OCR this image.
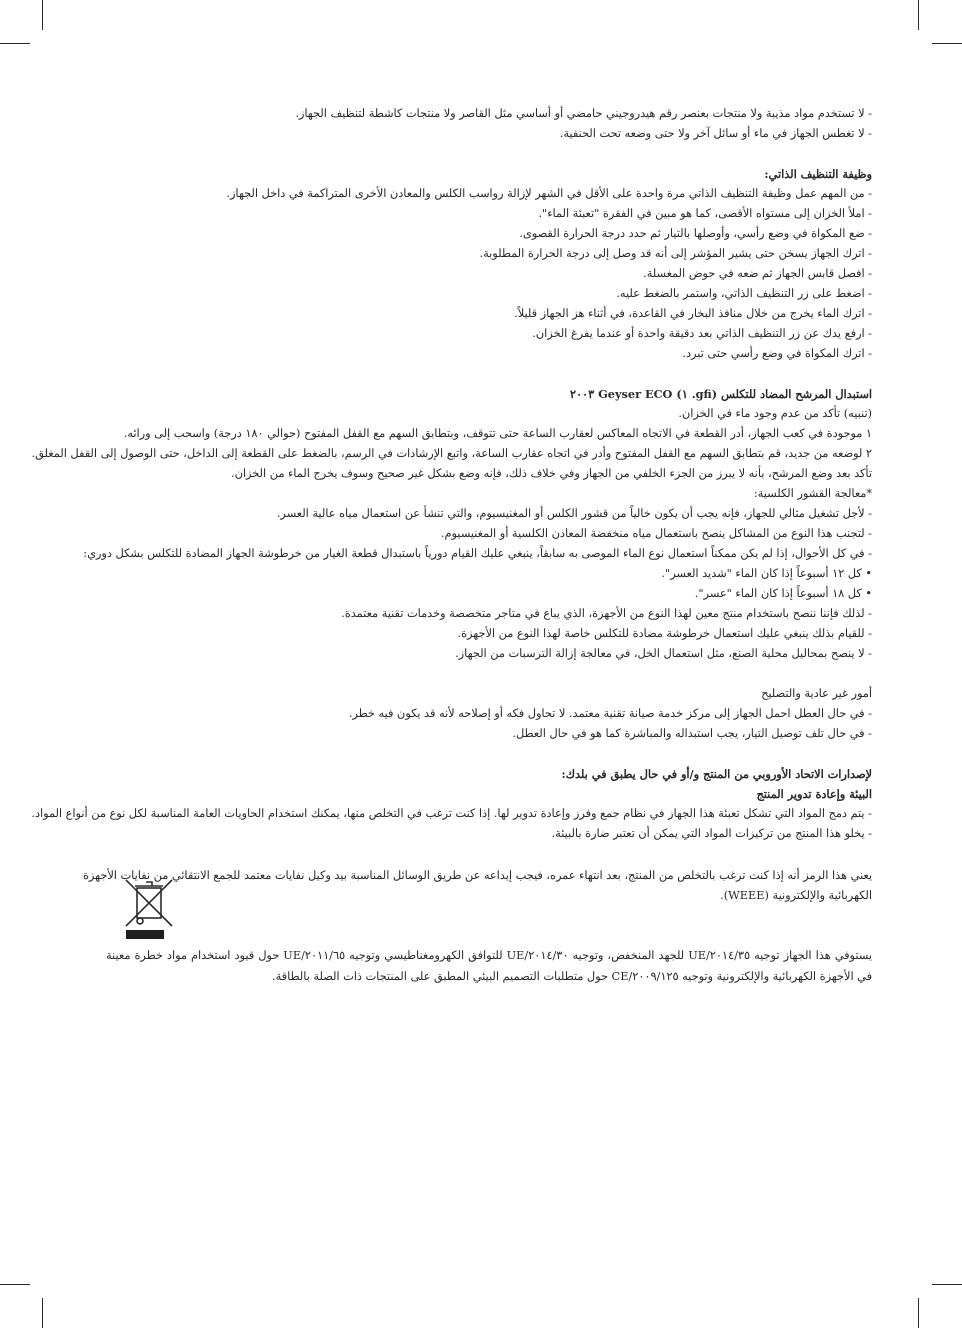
- لا تستخدم مواد مذيبة ولا منتجات بعنصر رقم هيدروجيني حامضي أو أساسي مثل القاصر ولا منتجات كاشطة لتنظيف الجهاز.
- لا تغطس الجهاز في ماء أو سائل آخر ولا حتى وضعه تحت الحنفية.
وظيفة التنظيف الذاتي:
- من المهم عمل وظيفة التنظيف الذاتي مرة واحدة على الأقل في الشهر لإزالة رواسب الكلس والمعادن الأخرى المتراكمة في داخل الجهاز.
- املأ الخزان إلى مستواه الأقصى، كما هو مبين في الفقرة "تعبئة الماء".
- ضع المكواة في وضع رأسي، وأوصلها بالتيار ثم حدد درجة الحرارة القصوى.
- اترك الجهاز يسخن حتى يشير المؤشر إلى أنه قد وصل إلى درجة الحرارة المطلوبة.
- افصل قابس الجهاز ثم ضعه في حوض المغسلة.
- اضغط على زر التنظيف الذاتي، واستمر بالضغط عليه.
- اترك الماء يخرج من خلال منافذ البخار في القاعدة، في أثناء هز الجهاز قليلاً.
- ارفع يدك عن زر التنظيف الذاتي بعد دقيقة واحدة أو عندما يفرغ الخزان.
- اترك المكواة في وضع رأسي حتى تبرد.
استبدال المرشح المضاد للتكلس (gfi. ١) Geyser ECO ٢٠٠٣
(تنبيه) تأكد من عدم وجود ماء في الخزان.
١ موجودة في كعب الجهاز، أدر القطعة في الاتجاه المعاكس لعقارب الساعة حتى تتوقف، وبتطابق السهم مع القفل المفتوح (حوالي ١٨٠ درجة) واسحب إلى ورائه.
٢ لوضعه من جديد، قم بتطابق السهم مع القفل المفتوح وأدر في اتجاه عقارب الساعة، واتبع الإرشادات في الرسم، بالضغط على القطعة إلى الداخل، حتى الوصول إلى القفل المغلق.
تأكد بعد وضع المرشح، بأنه لا يبرز من الجزء الخلفي من الجهاز وفي خلاف ذلك، فإنه وضع بشكل غير صحيح وسوف يخرج الماء من الخزان.
*معالجة القشور الكلسية:
- لأجل تشغيل مثالي للجهاز، فإنه يجب أن يكون خالياً من قشور الكلس أو المغنيسيوم، والتي تنشأ عن استعمال مياه عالية العسر.
- لتجنب هذا النوع من المشاكل ينصح باستعمال مياه منخفضة المعادن الكلسية أو المغنيسيوم.
- في كل الأحوال، إذا لم يكن ممكناً استعمال نوع الماء الموصى به سابقاً، ينبغي عليك القيام دورياً باستبدال قطعة الغيار من خرطوشة الجهاز المضادة للتكلس بشكل دوري:
• كل ١٢ أسبوعاً إذا كان الماء "شديد العسر".
• كل ١٨ أسبوعاً إذا كان الماء "عسر".
- لذلك فإننا ننصح باستخدام منتج معين لهذا النوع من الأجهزة، الذي يباع في متاجر متخصصة وخدمات تقنية معتمدة.
- للقيام بذلك ينبغي عليك استعمال خرطوشة مضادة للتكلس خاصة لهذا النوع من الأجهزة.
- لا ينصح بمحاليل محلية الصنع، مثل استعمال الخل، في معالجة إزالة الترسبات من الجهاز.
أمور غير عادية والتصليح
- في حال العطل احمل الجهاز إلى مركز خدمة صيانة تقنية معتمد. لا تحاول فكه أو إصلاحه لأنه قد يكون فيه خطر.
- في حال تلف توصيل التيار، يجب استبداله والمباشرة كما هو في حال العطل.
لإصدارات الاتحاد الأوروبي من المنتج و/أو في حال يطبق في بلدك:
البيئة وإعادة تدوير المنتج
- يتم دمج المواد التي تشكل تعبئة هذا الجهاز في نظام جمع وفرز وإعادة تدوير لها. إذا كنت ترغب في التخلص منها، يمكنك استخدام الحاويات العامة المناسبة لكل نوع من أنواع المواد.
- يخلو هذا المنتج من تركيزات المواد التي يمكن أن تعتبر ضارة بالبيئة.
يعني هذا الرمز أنه إذا كنت ترغب بالتخلص من المنتج، بعد انتهاء عمره، فيجب إيداعه عن طريق الوسائل المناسبة بيد وكيل نفايات معتمد للجمع الانتقائي من نفايات الأجهزة
الكهربائية والإلكترونية (WEEE).
يستوفي هذا الجهاز توجيه ٢٠١٤/٣٥/UE للجهد المنخفض، وتوجيه ٢٠١٤/٣٠/UE للتوافق الكهرومغناطيسي وتوجيه ٢٠١١/٦٥/UE حول قيود استخدام مواد خطرة معينة في الأجهزة الكهربائية والإلكترونية وتوجيه ٢٠٠٩/١٢٥/CE حول متطلبات التصميم البيئي المطبق على المنتجات ذات الصلة بالطاقة.
